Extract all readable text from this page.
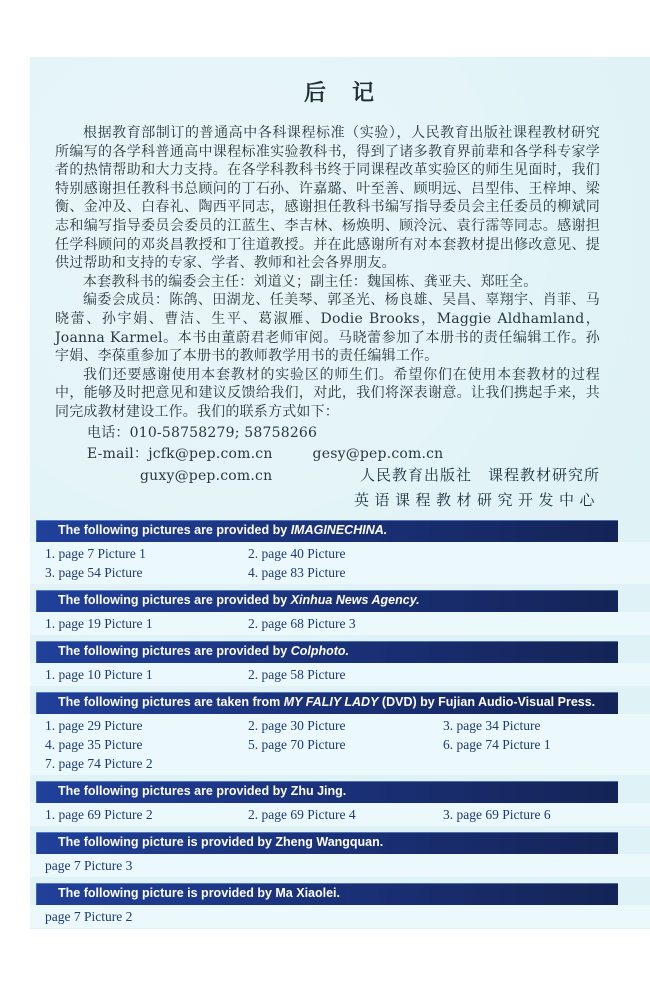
后　记

根据教育部制订的普通高中各科课程标准（实验），人民教育出版社课程教材研究所编写的各学科普通高中课程标准实验教科书，得到了诸多教育界前辈和各学科专家学者的热情帮助和大力支持。在各学科教科书终于同课程改革实验区的师生见面时，我们特别感谢担任教科书总顾问的丁石孙、许嘉璐、叶至善、顾明远、吕型伟、王梓坤、梁衡、金冲及、白春礼、陶西平同志，感谢担任教科书编写指导委员会主任委员的柳斌同志和编写指导委员会委员的江蓝生、李吉林、杨焕明、顾泠沅、袁行霈等同志。感谢担任学科顾问的邓炎昌教授和丁往道教授。并在此感谢所有对本套教材提出修改意见、提供过帮助和支持的专家、学者、教师和社会各界朋友。

本套教科书的编委会主任：刘道义；副主任：魏国栋、龚亚夫、郑旺全。

编委会成员：陈鸽、田湖龙、任美琴、郭圣光、杨良雄、吴昌、辜翔宇、肖菲、马晓蕾、孙宇娟、曹洁、生平、葛淑雁、Dodie Brooks，Maggie Aldhamland，Joanna Karmel。本书由董蔚君老师审阅。马晓蕾参加了本册书的责任编辑工作。孙宇娟、李葆重参加了本册书的教师教学用书的责任编辑工作。

我们还要感谢使用本套教材的实验区的师生们。希望你们在使用本套教材的过程中，能够及时把意见和建议反馈给我们，对此，我们将深表谢意。让我们携起手来，共同完成教材建设工作。我们的联系方式如下：

电话：010-58758279; 58758266
E-mail：jcfk@pep.com.cn	gesy@pep.com.cn
guxy@pep.com.cn	人民教育出版社　课程教材研究所
英语课程教材研究开发中心
The following pictures are provided by IMAGINECHINA.
1. page 7 Picture 1	2. page 40 Picture
3. page 54 Picture	4. page 83 Picture
The following pictures are provided by Xinhua News Agency.
1. page 19 Picture 1	2. page 68 Picture 3
The following pictures are provided by Colphoto.
1. page 10 Picture 1	2. page 58 Picture
The following pictures are taken from MY FALIY LADY (DVD) by Fujian Audio-Visual Press.
1. page 29 Picture	2. page 30 Picture	3. page 34 Picture
4. page 35 Picture	5. page 70 Picture	6. page 74 Picture 1
7. page 74 Picture 2
The following pictures are provided by Zhu Jing.
1. page 69 Picture 2	2. page 69 Picture 4	3. page 69 Picture 6
The following picture is provided by Zheng Wangquan.
page 7 Picture 3
The following picture is provided by Ma Xiaolei.
page 7 Picture 2
